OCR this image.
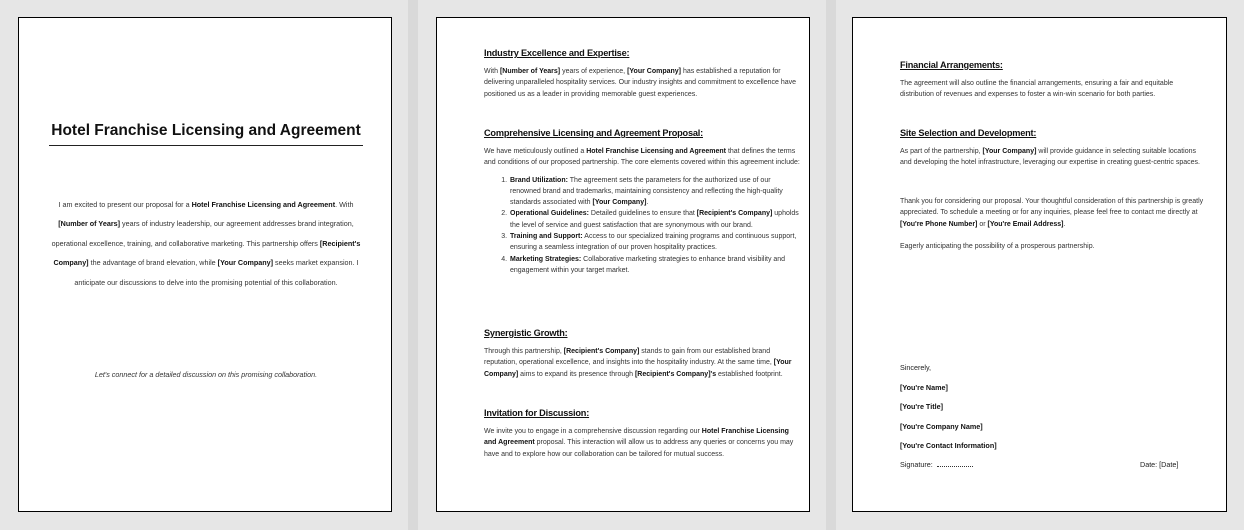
Hotel Franchise Licensing and Agreement
I am excited to present our proposal for a Hotel Franchise Licensing and Agreement. With [Number of Years] years of industry leadership, our agreement addresses brand integration, operational excellence, training, and collaborative marketing. This partnership offers [Recipient's Company] the advantage of brand elevation, while [Your Company] seeks market expansion. I anticipate our discussions to delve into the promising potential of this collaboration.
Let's connect for a detailed discussion on this promising collaboration.
Industry Excellence and Expertise:

With [Number of Years] years of experience, [Your Company] has established a reputation for delivering unparalleled hospitality services. Our industry insights and commitment to excellence have positioned us as a leader in providing memorable guest experiences.

Comprehensive Licensing and Agreement Proposal:

We have meticulously outlined a Hotel Franchise Licensing and Agreement that defines the terms and conditions of our proposed partnership. The core elements covered within this agreement include:

1. Brand Utilization: The agreement sets the parameters for the authorized use of our renowned brand and trademarks, maintaining consistency and reflecting the high-quality standards associated with [Your Company].
2. Operational Guidelines: Detailed guidelines to ensure that [Recipient's Company] upholds the level of service and guest satisfaction that are synonymous with our brand.
3. Training and Support: Access to our specialized training programs and continuous support, ensuring a seamless integration of our proven hospitality practices.
4. Marketing Strategies: Collaborative marketing strategies to enhance brand visibility and engagement within your target market.
Synergistic Growth:

Through this partnership, [Recipient's Company] stands to gain from our established brand reputation, operational excellence, and insights into the hospitality industry. At the same time, [Your Company] aims to expand its presence through [Recipient's Company]'s established footprint.

Invitation for Discussion:

We invite you to engage in a comprehensive discussion regarding our Hotel Franchise Licensing and Agreement proposal. This interaction will allow us to address any queries or concerns you may have and to explore how our collaboration can be tailored for mutual success.

Financial Arrangements:

The agreement will also outline the financial arrangements, ensuring a fair and equitable distribution of revenues and expenses to foster a win-win scenario for both parties.

Site Selection and Development:

As part of the partnership, [Your Company] will provide guidance in selecting suitable locations and developing the hotel infrastructure, leveraging our expertise in creating guest-centric spaces.

Thank you for considering our proposal. Your thoughtful consideration of this partnership is greatly appreciated. To schedule a meeting or for any inquiries, please feel free to contact me directly at [You're Phone Number] or [You're Email Address].

Eagerly anticipating the possibility of a prosperous partnership.

Sincerely,
[You're Name]
[You're Title]
[You're Company Name]
[You're Contact Information]
Signature:	Date: [Date]
